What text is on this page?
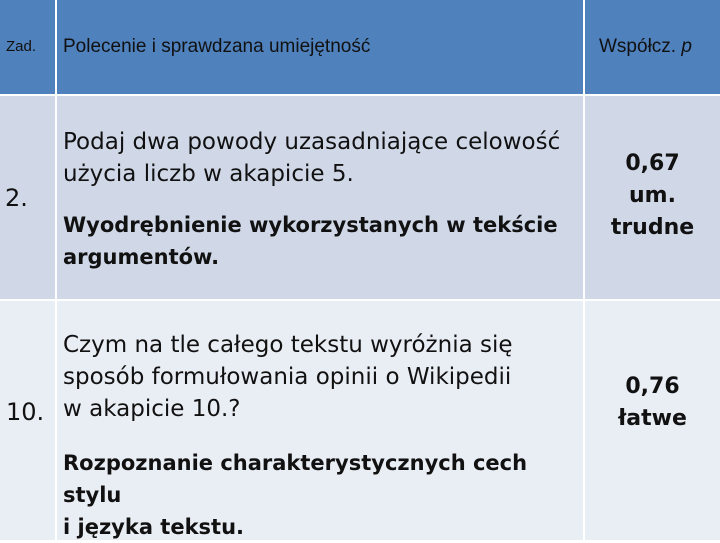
Zad. Polecenie i sprawdzana umiejętność	Współcz. p
2.
Podaj dwa powody uzasadniające celowość
użycia liczb w akapicie 5.
Wyodrębnienie wykorzystanych w tekście
argumentów.
0,67
um.
trudne
10.
Czym na tle całego tekstu wyróżnia się
sposób formułowania opinii o Wikipedii
w akapicie 10.?
Rozpoznanie charakterystycznych cech stylu
i języka tekstu.
0,76
łatwe
